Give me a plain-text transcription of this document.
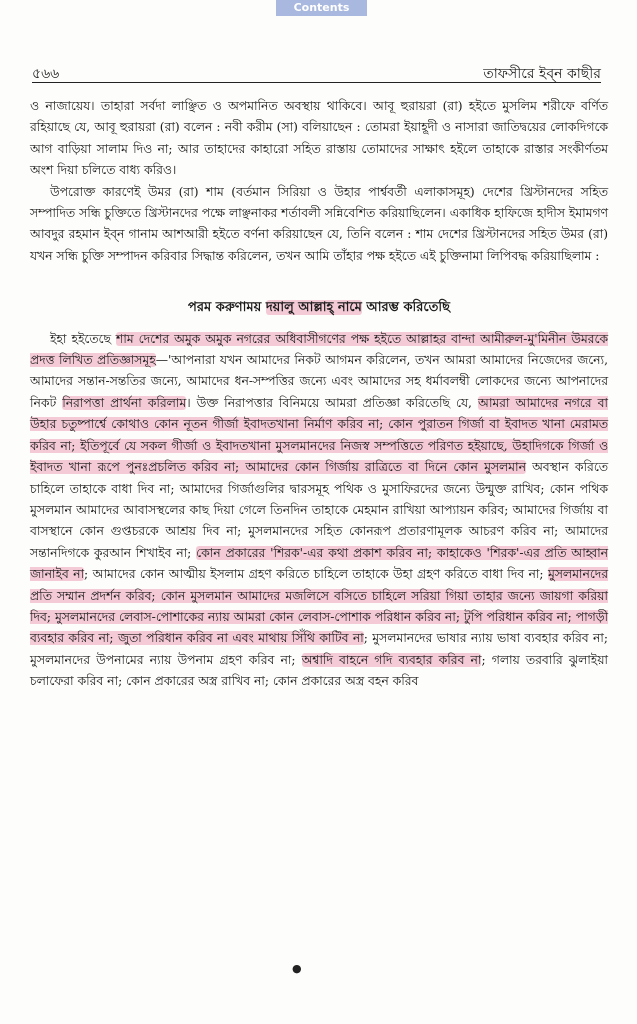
Contents
৫৬৬	তাফসীরে ইব্‌ন কাছীর

ও নাজায়েয। তাহারা সর্বদা লাঞ্ছিত ও অপমানিত অবস্থায় থাকিবে। আবূ হুরায়রা (রা) হইতে মুসলিম শরীফে বর্ণিত রহিয়াছে যে, আবূ হুরায়রা (রা) বলেন : নবী করীম (সা) বলিয়াছেন : তোমরা ইয়াহূদী ও নাসারা জাতিদ্বয়ের লোকদিগকে আগ বাড়িয়া সালাম দিও না; আর তাহাদের কাহারো সহিত রাস্তায় তোমাদের সাক্ষাৎ হইলে তাহাকে রাস্তার সংকীর্ণতম অংশ দিয়া চলিতে বাধ্য করিও।

উপরোক্ত কারণেই উমর (রা) শাম (বর্তমান সিরিয়া ও উহার পার্শ্ববর্তী এলাকাসমূহ) দেশের খ্রিস্টানদের সহিত সম্পাদিত সন্ধি চুক্তিতে খ্রিস্টানদের পক্ষে লাঞ্ছনাকর শর্তাবলী সন্নিবেশিত করিয়াছিলেন। একাধিক হাফিজে হাদীস ইমামগণ আবদুর রহমান ইব্‌ন গানাম আশআরী হইতে বর্ণনা করিয়াছেন যে, তিনি বলেন : শাম দেশের খ্রিস্টানদের সহিত উমর (রা) যখন সন্ধি চুক্তি সম্পাদন করিবার সিদ্ধান্ত করিলেন, তখন আমি তাঁহার পক্ষ হইতে এই চুক্তিনামা লিপিবদ্ধ করিয়াছিলাম :

পরম করুণাময় দয়ালু আল্লাহ্‌ নামে আরম্ভ করিতেছি

ইহা হইতেছে শাম দেশের অমুক অমুক নগরের অধিবাসীগণের পক্ষ হইতে আল্লাহর বান্দা আমীরুল-মু'মিনীন উমরকে প্রদত্ত লিখিত প্রতিজ্ঞাসমূহ—'আপনারা যখন আমাদের নিকট আগমন করিলেন, তখন আমরা আমাদের নিজেদের জন্যে, আমাদের সন্তান-সন্ততির জন্যে, আমাদের ধন-সম্পত্তির জন্যে এবং আমাদের সহ ধর্মাবলম্বী লোকদের জন্যে আপনাদের নিকট নিরাপত্তা প্রার্থনা করিলাম। উক্ত নিরাপত্তার বিনিময়ে আমরা প্রতিজ্ঞা করিতেছি যে, আমরা আমাদের নগরে বা উহার চতুষ্পার্শ্বে কোথাও কোন নূতন গীর্জা ইবাদতখানা নির্মাণ করিব না; কোন পুরাতন গির্জা বা ইবাদত খানা মেরামত করিব না; ইতিপূর্বে যে সকল গীর্জা ও ইবাদতখানা মুসলমানদের নিজস্ব সম্পত্তিতে পরিণত হইয়াছে, উহাদিগকে গির্জা ও ইবাদত খানা রূপে পুনঃপ্রচলিত করিব না; আমাদের কোন গির্জায় রাত্রিতে বা দিনে কোন মুসলমান অবস্থান করিতে চাহিলে তাহাকে বাধা দিব না; আমাদের গির্জাগুলির দ্বারসমূহ পথিক ও মুসাফিরদের জন্যে উন্মুক্ত রাখিব; কোন পথিক মুসলমান আমাদের আবাসস্থলের কাছ দিয়া গেলে তিনদিন তাহাকে মেহমান রাখিয়া আপ্যায়ন করিব; আমাদের গির্জায় বা বাসস্থানে কোন গুপ্তচরকে আশ্রয় দিব না; মুসলমানদের সহিত কোনরূপ প্রতারণামূলক আচরণ করিব না; আমাদের সন্তানদিগকে কুরআন শিখাইব না; কোন প্রকারের 'শিরক'-এর কথা প্রকাশ করিব না; কাহাকেও 'শিরক'-এর প্রতি আহ্বান জানাইব না; আমাদের কোন আত্মীয় ইসলাম গ্রহণ করিতে চাহিলে তাহাকে উহা গ্রহণ করিতে বাধা দিব না; মুসলমানদের প্রতি সম্মান প্রদর্শন করিব; কোন মুসলমান আমাদের মজলিসে বসিতে চাহিলে সরিয়া গিয়া তাহার জন্যে জায়গা করিয়া দিব; মুসলমানদের লেবাস-পোশাকের ন্যায় আমরা কোন লেবাস-পোশাক পরিধান করিব না; টুপি পরিধান করিব না; পাগড়ী ব্যবহার করিব না; জুতা পরিধান করিব না এবং মাথায় সিঁথি কাটিব না; মুসলমানদের ভাষার ন্যায় ভাষা ব্যবহার করিব না; মুসলমানদের উপনামের ন্যায় উপনাম গ্রহণ করিব না; অশ্বাদি বাহনে গদি ব্যবহার করিব না; গলায় তরবারি ঝুলাইয়া চলাফেরা করিব না; কোন প্রকারের অস্ত্র রাখিব না; কোন প্রকারের অস্ত্র বহন করিব

●
